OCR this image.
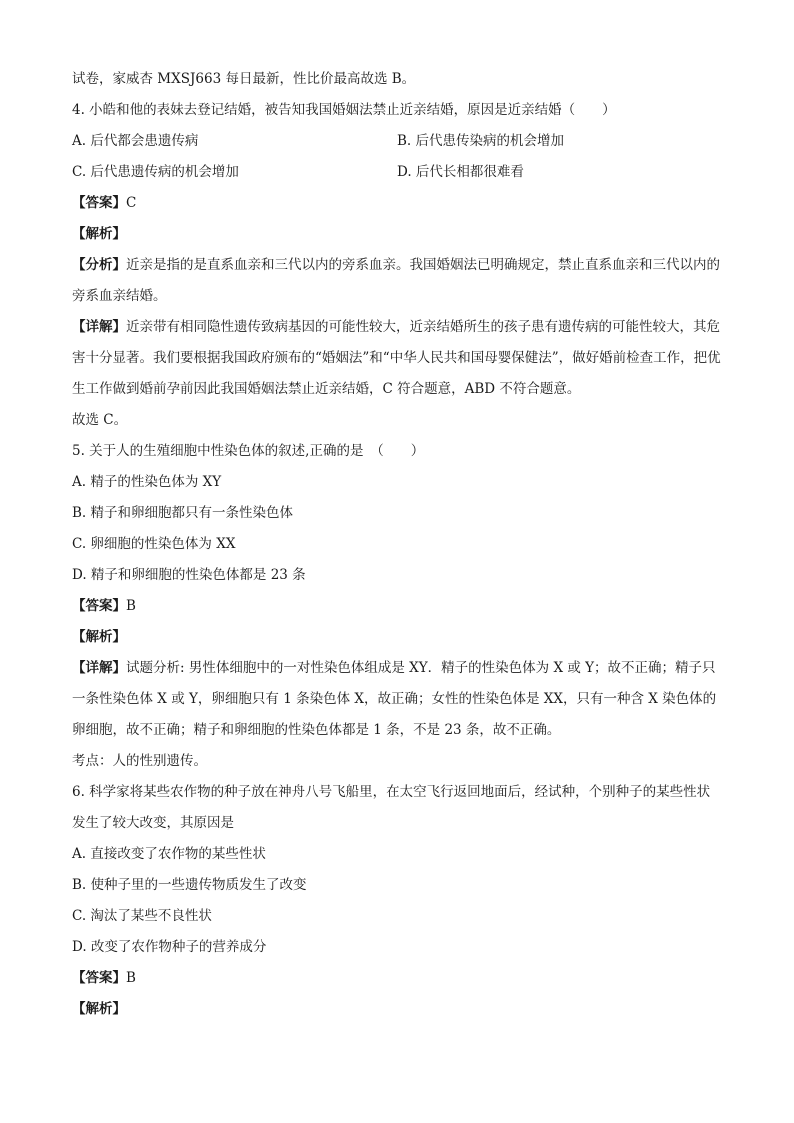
试卷，家威杏 MXSJ663 每日最新，性比价最高故选 B。
4. 小皓和他的表妹去登记结婚，被告知我国婚姻法禁止近亲结婚，原因是近亲结婚（　　）
A. 后代都会患遗传病	B. 后代患传染病的机会增加
C. 后代患遗传病的机会增加	D. 后代长相都很难看
【答案】C
【解析】
【分析】近亲是指的是直系血亲和三代以内的旁系血亲。我国婚姻法已明确规定，禁止直系血亲和三代以内的旁系血亲结婚。
【详解】近亲带有相同隐性遗传致病基因的可能性较大，近亲结婚所生的孩子患有遗传病的可能性较大，其危害十分显著。我们要根据我国政府颁布的“婚姻法”和“中华人民共和国母婴保健法”，做好婚前检查工作，把优生工作做到婚前孕前因此我国婚姻法禁止近亲结婚，C 符合题意，ABD 不符合题意。
故选 C。
5. 关于人的生殖细胞中性染色体的叙述,正确的是　（　　）
A. 精子的性染色体为 XY
B. 精子和卵细胞都只有一条性染色体
C. 卵细胞的性染色体为 XX
D. 精子和卵细胞的性染色体都是 23 条
【答案】B
【解析】
【详解】试题分析: 男性体细胞中的一对性染色体组成是 XY．精子的性染色体为 X 或 Y；故不正确；精子只一条性染色体 X 或 Y，卵细胞只有 1 条染色体 X，故正确；女性的性染色体是 XX，只有一种含 X 染色体的卵细胞，故不正确；精子和卵细胞的性染色体都是 1 条，不是 23 条，故不正确。
考点：人的性别遗传。
6. 科学家将某些农作物的种子放在神舟八号飞船里，在太空飞行返回地面后，经试种，个别种子的某些性状发生了较大改变，其原因是
A. 直接改变了农作物的某些性状
B. 使种子里的一些遗传物质发生了改变
C. 淘汰了某些不良性状
D. 改变了农作物种子的营养成分
【答案】B
【解析】
